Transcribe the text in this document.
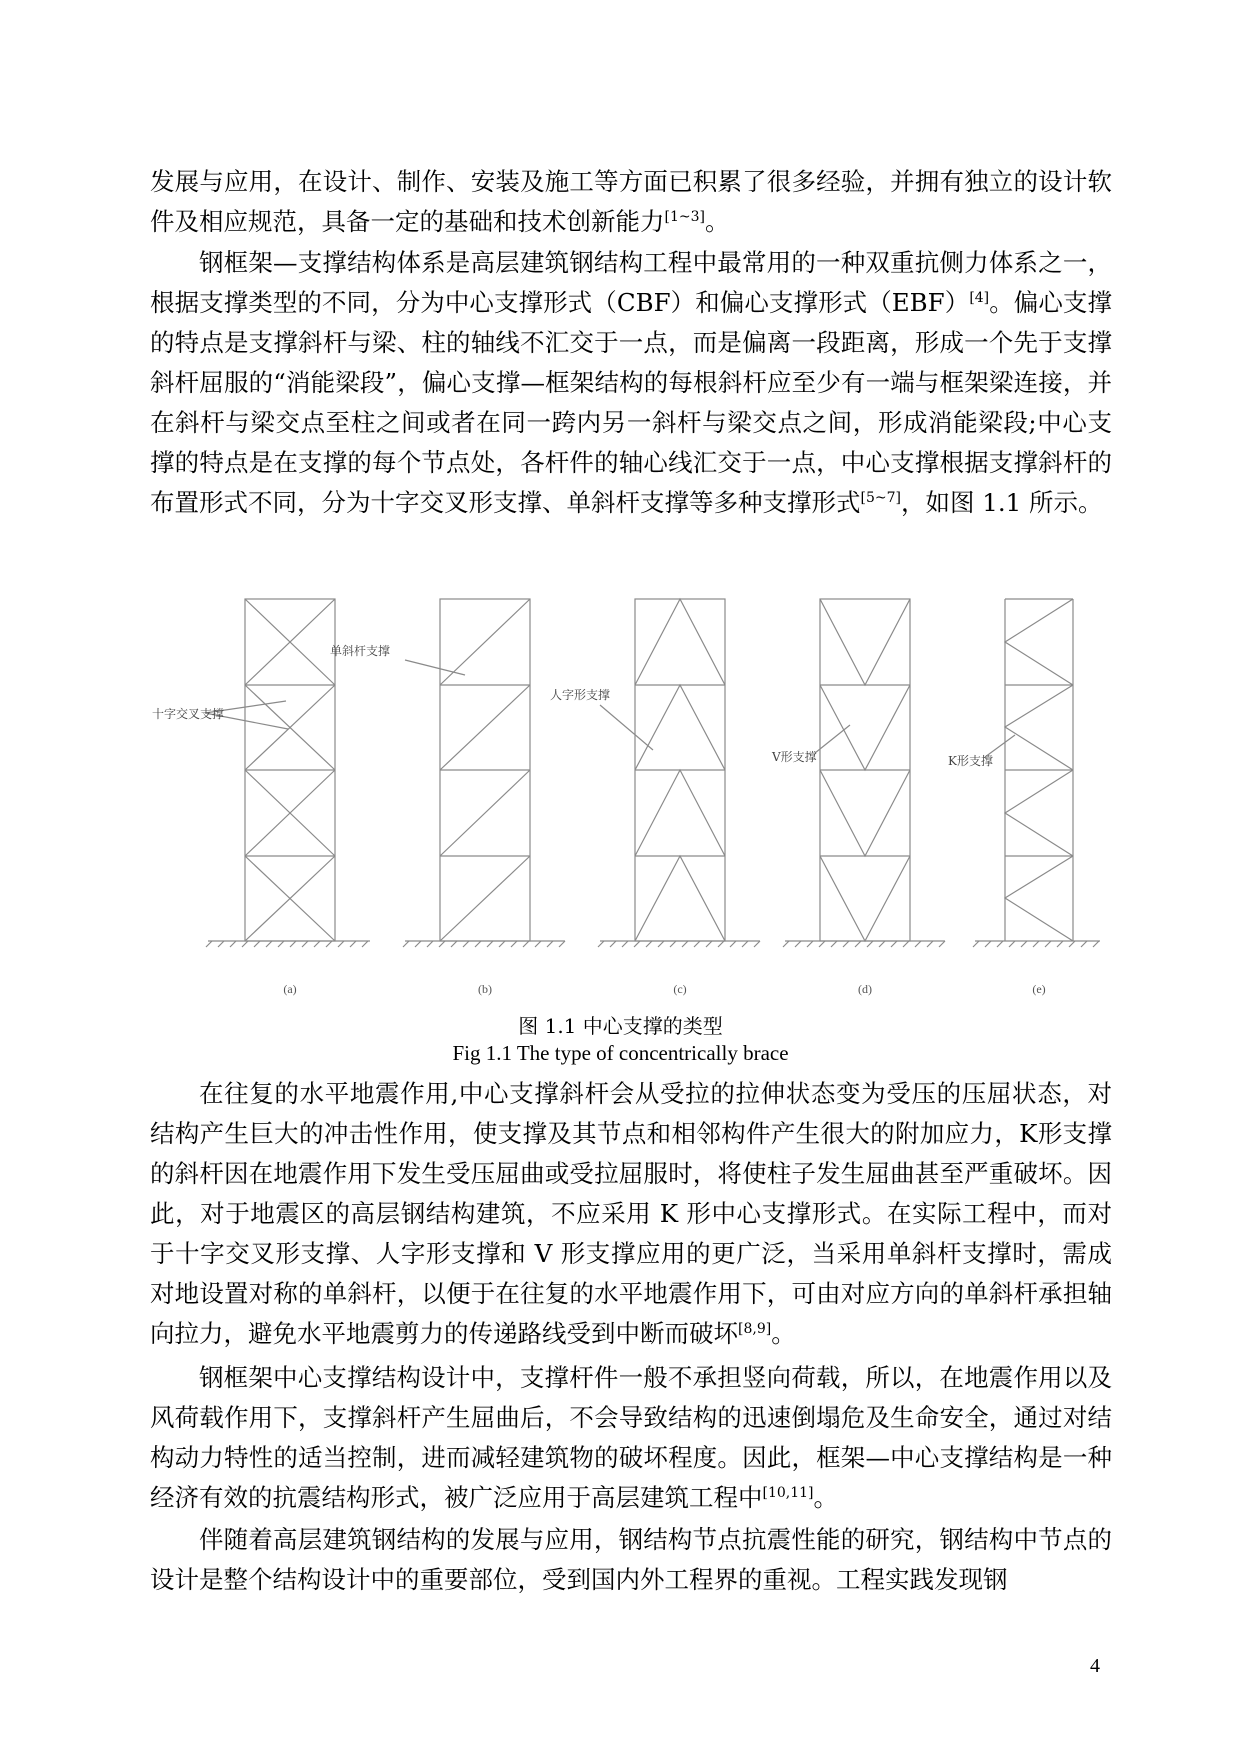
发展与应用，在设计、制作、安装及施工等方面已积累了很多经验，并拥有独立的设计软件及相应规范，具备一定的基础和技术创新能力[1~3]。

钢框架—支撑结构体系是高层建筑钢结构工程中最常用的一种双重抗侧力体系之一，根据支撑类型的不同，分为中心支撑形式（CBF）和偏心支撑形式（EBF）[4]。偏心支撑的特点是支撑斜杆与梁、柱的轴线不汇交于一点，而是偏离一段距离，形成一个先于支撑斜杆屈服的“消能梁段”，偏心支撑—框架结构的每根斜杆应至少有一端与框架梁连接，并在斜杆与梁交点至柱之间或者在同一跨内另一斜杆与梁交点之间，形成消能梁段;中心支撑的特点是在支撑的每个节点处，各杆件的轴心线汇交于一点，中心支撑根据支撑斜杆的布置形式不同，分为十字交叉形支撑、单斜杆支撑等多种支撑形式[5~7]，如图 1.1 所示。

十字交叉支撑
单斜杆支撑
人字形支撑
V形支撑	K形支撑
(a)	(b)	(c)	(d)	(e)
图 1.1 中心支撑的类型
Fig 1.1 The type of concentrically brace

在往复的水平地震作用,中心支撑斜杆会从受拉的拉伸状态变为受压的压屈状态，对结构产生巨大的冲击性作用，使支撑及其节点和相邻构件产生很大的附加应力，K形支撑的斜杆因在地震作用下发生受压屈曲或受拉屈服时，将使柱子发生屈曲甚至严重破坏。因此，对于地震区的高层钢结构建筑，不应采用 K 形中心支撑形式。在实际工程中，而对于十字交叉形支撑、人字形支撑和 V 形支撑应用的更广泛，当采用单斜杆支撑时，需成对地设置对称的单斜杆，以便于在往复的水平地震作用下，可由对应方向的单斜杆承担轴向拉力，避免水平地震剪力的传递路线受到中断而破坏[8,9]。

钢框架中心支撑结构设计中，支撑杆件一般不承担竖向荷载，所以，在地震作用以及风荷载作用下，支撑斜杆产生屈曲后，不会导致结构的迅速倒塌危及生命安全，通过对结构动力特性的适当控制，进而减轻建筑物的破坏程度。因此，框架—中心支撑结构是一种经济有效的抗震结构形式，被广泛应用于高层建筑工程中[10,11]。

伴随着高层建筑钢结构的发展与应用，钢结构节点抗震性能的研究，钢结构中节点的设计是整个结构设计中的重要部位，受到国内外工程界的重视。工程实践发现钢

4
